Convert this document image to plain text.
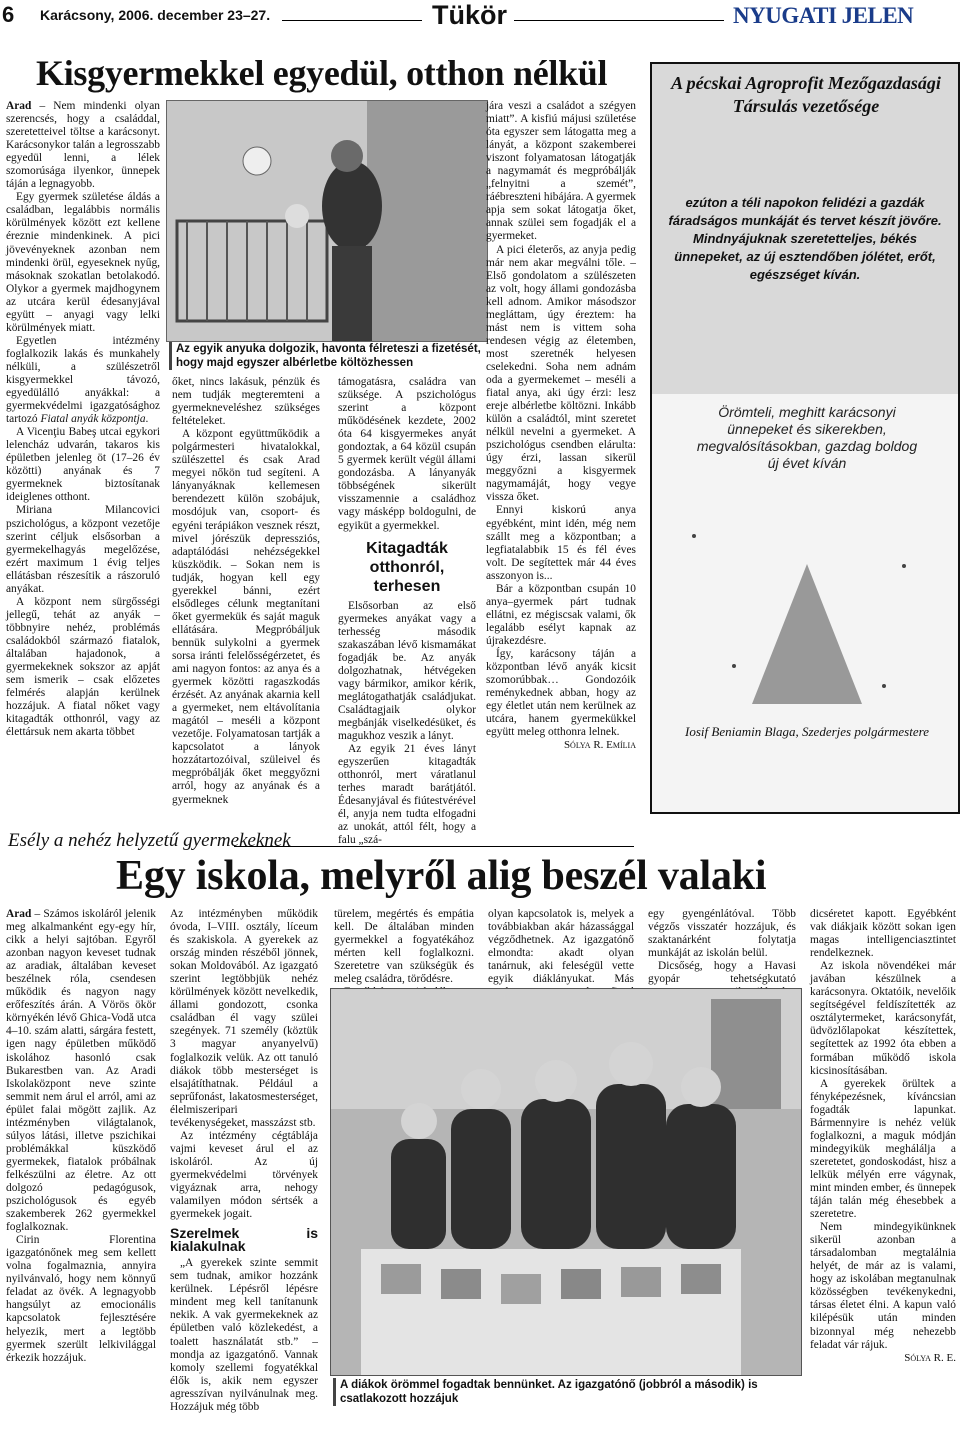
6 Karácsony, 2006. december 23–27.	Tükör	NYUGATI JELEN
Kisgyermekkel egyedül, otthon nélkül

Arad – Nem mindenki olyan szerencsés, hogy a családdal, szeretetteivel töltse a karácsonyt. Karácsonykor talán a legrosszabb egyedül lenni, a lélek szomorúsága ilyenkor, ünnepek táján a legnagyobb.

Egy gyermek születése áldás a családban, legalábbis normális körülmények között ezt kellene éreznie mindenkinek. A pici jövevényeknek azonban nem mindenki örül, egyeseknek nyűg, másoknak szokatlan betolakodó. Olykor a gyermek majdhogynem az utcára kerül édesanyjával együtt – anyagi vagy lelki körülmények miatt.

Egyetlen intézmény foglalkozik lakás és munkahely nélküli, a szülészetről kisgyermekkel távozó, egyedülálló anyákkal: a gyermekvédelmi igazgatósághoz tartozó Fiatal anyák központja.

A Vicenţiu Babeş utcai egykori lelencház udvarán, takaros kis épületben jelenleg öt (17–26 év közötti) anyának és 7 gyermeknek biztosítanak ideiglenes otthont.

Miriana Milancovici pszichológus, a központ vezetője szerint céljuk elsősorban a gyermekelhagyás megelőzése, ezért maximum 1 évig teljes ellátásban részesítik a rászoruló anyákat.

A központ nem sürgősségi jellegű, tehát az anyák – többnyire nehéz, problémás családokból származó fiatalok, általában hajadonok, a gyermekeknek sokszor az apját sem ismerik – csak előzetes felmérés alapján kerülnek hozzájuk. A fiatal nőket vagy kitagadták otthonról, vagy az élettársuk nem akarta többet

Az egyik anyuka dolgozik, havonta félreteszi a fizetését, hogy majd egyszer albérletbe költözhessen

őket, nincs lakásuk, pénzük és nem tudják megteremteni a gyermekneveléshez szükséges feltételeket.

A központ együttműködik a polgármesteri hivatalokkal, szülészettel és csak Arad megyei nőkön tud segíteni. A lányanyáknak kellemesen berendezett külön szobájuk, mosdójuk van, csoport- és egyéni terápiákon vesznek részt, mivel jórészük depressziós, adaptálódási nehézségekkel küszködik. – Sokan nem is tudják, hogyan kell egy gyerekkel bánni, ezért elsődleges célunk megtanítani őket gyermekük és saját maguk ellátására. Megpróbáljuk bennük sulykolni a gyermek sorsa iránti felelősségérzetet, és ami nagyon fontos: az anya és a gyermek közötti ragaszkodás érzését. Az anyának akarnia kell a gyermeket, nem eltávolítania magától – meséli a központ vezetője. Folyamatosan tartják a kapcsolatot a lányok hozzátartozóival, szüleivel és megpróbálják őket meggyőzni arról, hogy az anyának és a gyermeknek

támogatásra, családra van szüksége. A pszichológus szerint a központ működésének kezdete, 2002 óta 64 kisgyermekes anyát gondoztak, a 64 közül csupán 5 gyermek került végül állami gondozásba. A lányanyák többségének sikerült visszamennie a családhoz vagy másképp boldogulni, de egyiküt a gyermekkel.

Kitagadták otthonról, terhesen

Elsősorban az első gyermekes anyákat vagy a terhesség második szakaszában lévő kismamákat fogadják be. Az anyák dolgozhatnak, hétvégeken vagy bármikor, amikor kérik, meglátogathatják családjukat. Családtagjaik olykor megbánják viselkedésüket, és magukhoz veszik a lányt.

Az egyik 21 éves lányt egyszerűen kitagadták otthonról, mert váratlanul terhes maradt barátjától. Édesanyjával és fiútestvérével él, anyja nem tudta elfogadni az unokát, attól félt, hogy a falu „szá-

jára veszi a családot a szégyen miatt”. A kisfiú májusi születése óta egyszer sem látogatta meg a lányát, a központ szakemberei viszont folyamatosan látogatják a nagymamát és megpróbálják „felnyitni a szemét”, ráébreszteni hibájára. A gyermek apja sem sokat látogatja őket, annak szülei sem fogadják el a gyermeket.

A pici életerős, az anyja pedig már nem akar megválni tőle. – Első gondolatom a szülészeten az volt, hogy állami gondozásba kell adnom. Amikor másodszor megláttam, úgy éreztem: ha mást nem is vittem soha rendesen végig az életemben, most szeretnék helyesen cselekedni. Soha nem adnám oda a gyermekemet – meséli a fiatal anya, aki úgy érzi: lesz ereje albérletbe költözni. Inkább külön a családtól, mint szeretet nélkül nevelni a gyermeket. A pszichológus csendben elárulta: úgy érzi, lassan sikerül meggyőzni a kisgyermek nagymamáját, hogy vegye vissza őket.

Ennyi kiskorú anya egyébként, mint idén, még nem szállt meg a központban; a legfiatalabbik 15 és fél éves volt. De segítettek már 44 éves asszonyon is...

Bár a központban csupán 10 anya–gyermek párt tudnak ellátni, ez mégiscsak valami, ők legalább esélyt kapnak az újrakezdésre.

Így, karácsony táján a központban lévő anyák kicsit szomorúbbak… Gondozóik reménykednek abban, hogy az egy életlet után nem kerülnek az utcára, hanem gyermekükkel együtt meleg otthonra lelnek.

Sólya R. Emília

A pécskai Agroprofit Mezőgazdasági Társulás vezetősége
ezúton a téli napokon felidézi a gazdák fáradságos munkáját és tervet készít jövőre. Mindnyájuknak szeretetteljes, békés ünnepeket, az új esztendőben jólétet, erőt, egészséget kíván.
Örömteli, meghitt karácsonyi ünnepeket és sikerekben, megvalósításokban, gazdag boldog új évet kíván
Iosif Beniamin Blaga, Szederjes polgármestere
Esély a nehéz helyzetű gyermekeknek
Egy iskola, melyről alig beszél valaki

Arad – Számos iskoláról jelenik meg alkalmanként egy-egy hír, cikk a helyi sajtóban. Egyről azonban nagyon keveset tudnak az aradiak, általában keveset beszélnek róla, csendesen működik és nagyon nagy erőfeszítés árán. A Vörös ökör környékén lévő Ghica-Vodă utca 4–10. szám alatti, sárgára festett, igen nagy épületben működő iskolához hasonló csak Bukarestben van. Az Aradi Iskolaközpont neve szinte semmit nem árul el arról, ami az épület falai mögött zajlik. Az intézményben világtalanok, súlyos látási, illetve pszichikai problémákkal küszködő gyermekek, fiatalok próbálnak felkészülni az életre. Az ott dolgozó pedagógusok, pszichológusok és egyéb szakemberek 262 gyermekkel foglalkoznak.

Cirin Florentina igazgatónőnek meg sem kellett volna fogalmaznia, annyira nyilvánvaló, hogy nem könnyű feladat az övék. A legnagyobb hangsúlyt az emocionális kapcsolatok fejlesztésére helyezik, mert a legtöbb gyermek szerült lelkivilággal érkezik hozzájuk.

Az intézményben működik óvoda, I–VIII. osztály, líceum és szakiskola. A gyerekek az ország minden részéből jönnek, sokan Moldovából. Az igazgató szerint legtöbbjük nehéz körülmények között nevelkedik, állami gondozott, csonka családban él vagy szülei szegények. 71 személy (köztük 3 magyar anyanyelvű) foglalkozik velük. Az ott tanuló diákok több mesterséget is elsajátíthatnak. Például a seprűfonást, lakatosmesterséget, élelmiszeripari tevékenységeket, masszázst stb.

Az intézmény cégtáblája vajmi keveset árul el az iskoláról. Az új gyermekvédelmi törvények vigyáznak arra, nehogy valamilyen módon sértsék a gyermekek jogait.

Szerelmek is kialakulnak

„A gyerekek szinte semmit sem tudnak, amikor hozzánk kerülnek. Lépésről lépésre mindent meg kell tanítanunk nekik. A vak gyermekeknek az épületben való közlekedést, a toalett használatát stb.” – mondja az igazgatónő. Vannak komoly szellemi fogyatékkal élők is, akik nem egyszer agresszívan nyilvánulnak meg. Hozzájuk még több

türelem, megértés és empátia kell. De általában minden gyermekkel a fogyatékához mérten kell foglalkozni. Szeretetre van szükségük és meleg családra, törődésre.

olyan kapcsolatok is, melyek a továbbiakban akár házassággal végződhetnek. Az igazgatónő elmondta: akadt olyan tanárnuk, aki feleségül vette egyik diáklányukat. Más

egy gyengénlátóval. Több végzős visszatér hozzájuk, és szaktanárként folytatja munkáját az iskolán belül.

Dicsőség, hogy a Havasi gyopár tehetségkutató

dicséretet kapott. Egyébként vak diákjaik között sokan igen magas intelligenciasztintet rendelkeznek.

Az iskola növendékei már javában készülnek a karácsonyra. Oktatóik, nevelőik segítségével feldíszítették az osztálytermeket, karácsonyfát, üdvözlőlapokat készítettek, segítettek az 1992 óta ebben a formában működő iskola kicsinosításában.

A gyerekek örültek a fényképezésnek, kíváncsian fogadták lapunkat. Bármennyire is nehéz velük foglalkozni, a maguk módján mindegyikük meghálálja a szeretetet, gondoskodást, hisz a lelkük mélyén erre vágynak, mint minden ember, és ünnepek táján talán még éhesebbek a szeretetre.

Nem mindegyikünknek sikerül azonban a társadalomban megtalálnia helyét, de már az is valami, hogy az iskolában megtanulnak közösségben tevékenykedni, társas életet élni. A kapun való kilépésük után minden bizonnyal még nehezebb feladat vár rájuk.

Sólya R. E.

A diákok örömmel fogadtak bennünket. Az igazgatónő (jobbról a második) is csatlakozott hozzájuk
